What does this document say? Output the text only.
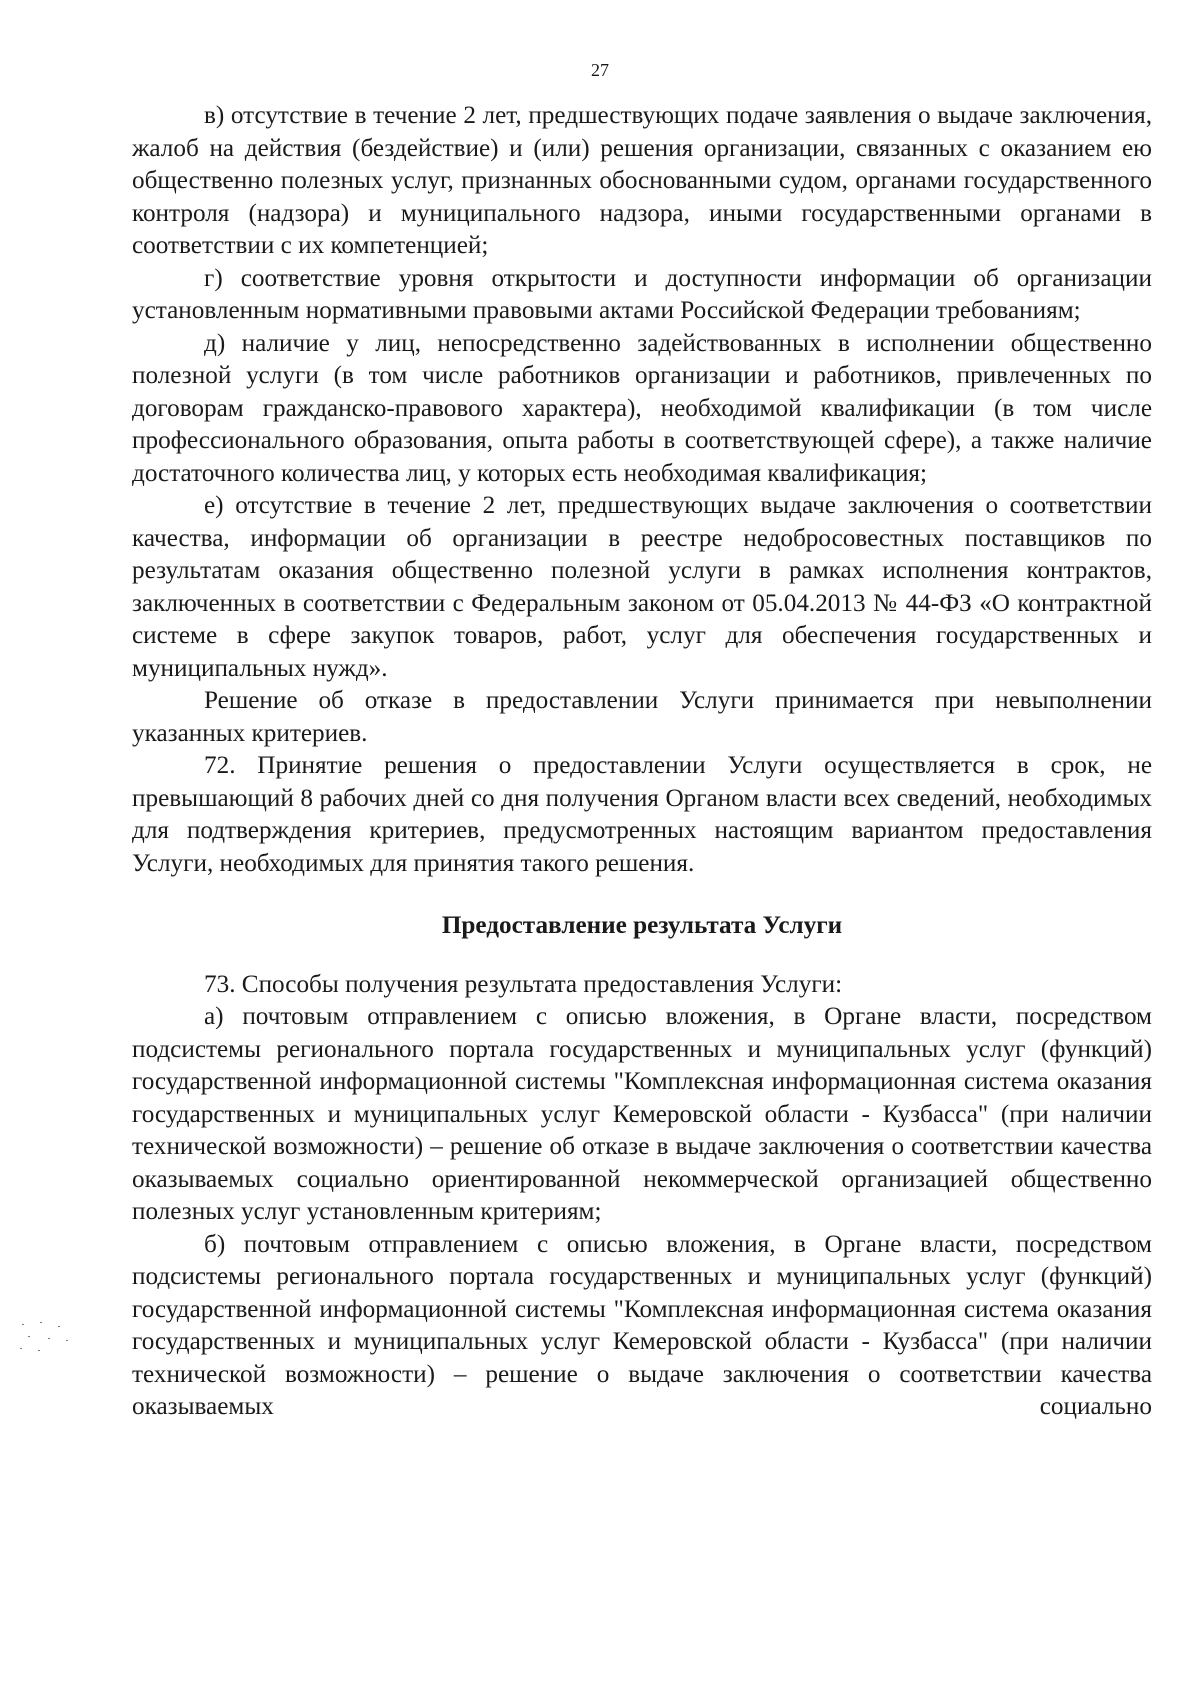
27

в) отсутствие в течение 2 лет, предшествующих подаче заявления о выдаче заключения, жалоб на действия (бездействие) и (или) решения организации, связанных с оказанием ею общественно полезных услуг, признанных обоснованными судом, органами государственного контроля (надзора) и муниципального надзора, иными государственными органами в соответствии с их компетенцией;

г) соответствие уровня открытости и доступности информации об организации установленным нормативными правовыми актами Российской Федерации требованиям;

д) наличие у лиц, непосредственно задействованных в исполнении общественно полезной услуги (в том числе работников организации и работников, привлеченных по договорам гражданско-правового характера), необходимой квалификации (в том числе профессионального образования, опыта работы в соответствующей сфере), а также наличие достаточного количества лиц, у которых есть необходимая квалификация;

е) отсутствие в течение 2 лет, предшествующих выдаче заключения о соответствии качества, информации об организации в реестре недобросовестных поставщиков по результатам оказания общественно полезной услуги в рамках исполнения контрактов, заключенных в соответствии с Федеральным законом от 05.04.2013 № 44-ФЗ «О контрактной системе в сфере закупок товаров, работ, услуг для обеспечения государственных и муниципальных нужд».

Решение об отказе в предоставлении Услуги принимается при невыполнении указанных критериев.

72. Принятие решения о предоставлении Услуги осуществляется в срок, не превышающий 8 рабочих дней со дня получения Органом власти всех сведений, необходимых для подтверждения критериев, предусмотренных настоящим вариантом предоставления Услуги, необходимых для принятия такого решения.

Предоставление результата Услуги

73. Способы получения результата предоставления Услуги:

а) почтовым отправлением с описью вложения, в Органе власти, посредством подсистемы регионального портала государственных и муниципальных услуг (функций) государственной информационной системы "Комплексная информационная система оказания государственных и муниципальных услуг Кемеровской области - Кузбасса" (при наличии технической возможности) – решение об отказе в выдаче заключения о соответствии качества оказываемых социально ориентированной некоммерческой организацией общественно полезных услуг установленным критериям;

б) почтовым отправлением с описью вложения, в Органе власти, посредством подсистемы регионального портала государственных и муниципальных услуг (функций) государственной информационной системы "Комплексная информационная система оказания государственных и муниципальных услуг Кемеровской области - Кузбасса" (при наличии технической возможности) – решение о выдаче заключения о соответствии качества оказываемых социально
